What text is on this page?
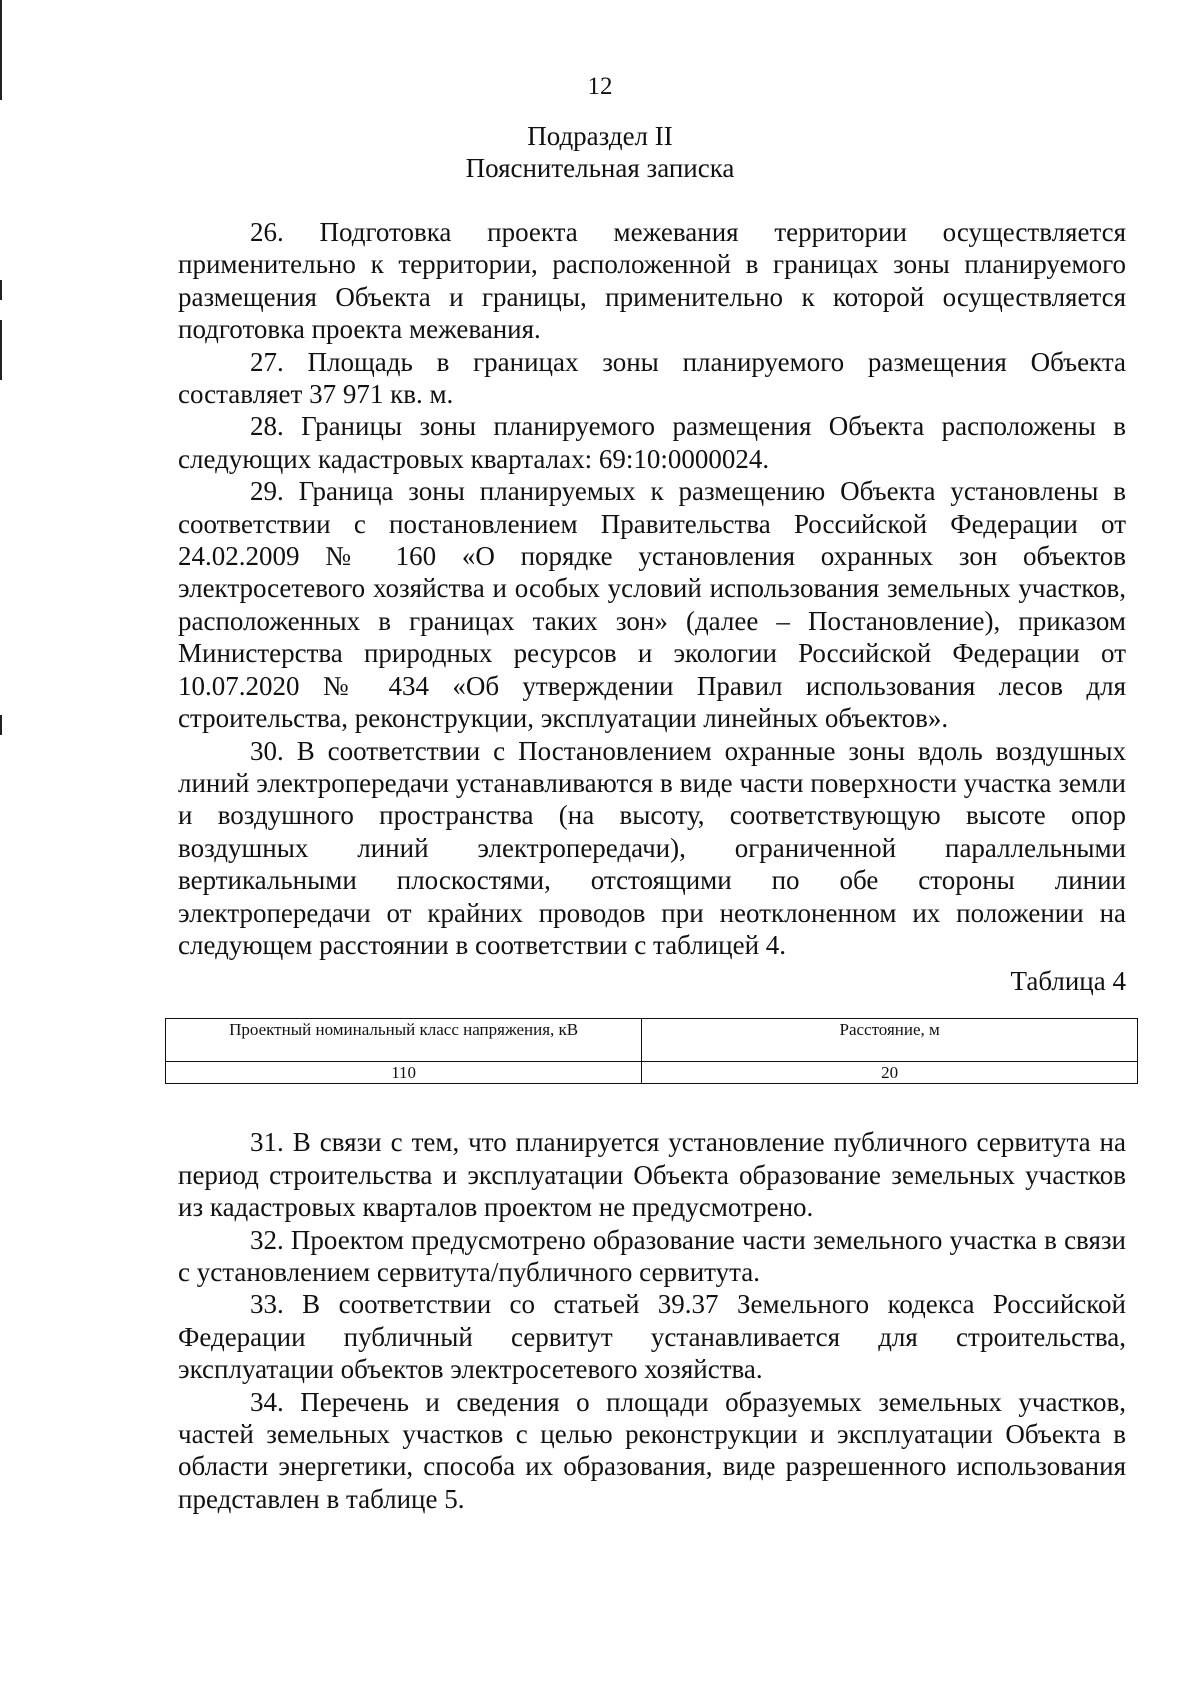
12
Подраздел II
Пояснительная записка

26. Подготовка проекта межевания территории осуществляется применительно к территории, расположенной в границах зоны планируемого размещения Объекта и границы, применительно к которой осуществляется подготовка проекта межевания.

27. Площадь в границах зоны планируемого размещения Объекта составляет 37 971 кв. м.

28. Границы зоны планируемого размещения Объекта расположены в следующих кадастровых кварталах: 69:10:0000024.

29. Граница зоны планируемых к размещению Объекта установлены в соответствии с постановлением Правительства Российской Федерации от 24.02.2009 № 160 «О порядке установления охранных зон объектов электросетевого хозяйства и особых условий использования земельных участков, расположенных в границах таких зон» (далее – Постановление), приказом Министерства природных ресурсов и экологии Российской Федерации от 10.07.2020 № 434 «Об утверждении Правил использования лесов для строительства, реконструкции, эксплуатации линейных объектов».

30. В соответствии с Постановлением охранные зоны вдоль воздушных линий электропередачи устанавливаются в виде части поверхности участка земли и воздушного пространства (на высоту, соответствующую высоте опор воздушных линий электропередачи), ограниченной параллельными вертикальными плоскостями, отстоящими по обе стороны линии электропередачи от крайних проводов при неотклоненном их положении на следующем расстоянии в соответствии с таблицей 4.

Таблица 4
Проектный номинальный класс напряжения, кВ	Расстояние, м
110	20

31. В связи с тем, что планируется установление публичного сервитута на период строительства и эксплуатации Объекта образование земельных участков из кадастровых кварталов проектом не предусмотрено.

32. Проектом предусмотрено образование части земельного участка в связи с установлением сервитута/публичного сервитута.

33. В соответствии со статьей 39.37 Земельного кодекса Российской Федерации публичный сервитут устанавливается для строительства, эксплуатации объектов электросетевого хозяйства.

34. Перечень и сведения о площади образуемых земельных участков, частей земельных участков с целью реконструкции и эксплуатации Объекта в области энергетики, способа их образования, виде разрешенного использования представлен в таблице 5.
